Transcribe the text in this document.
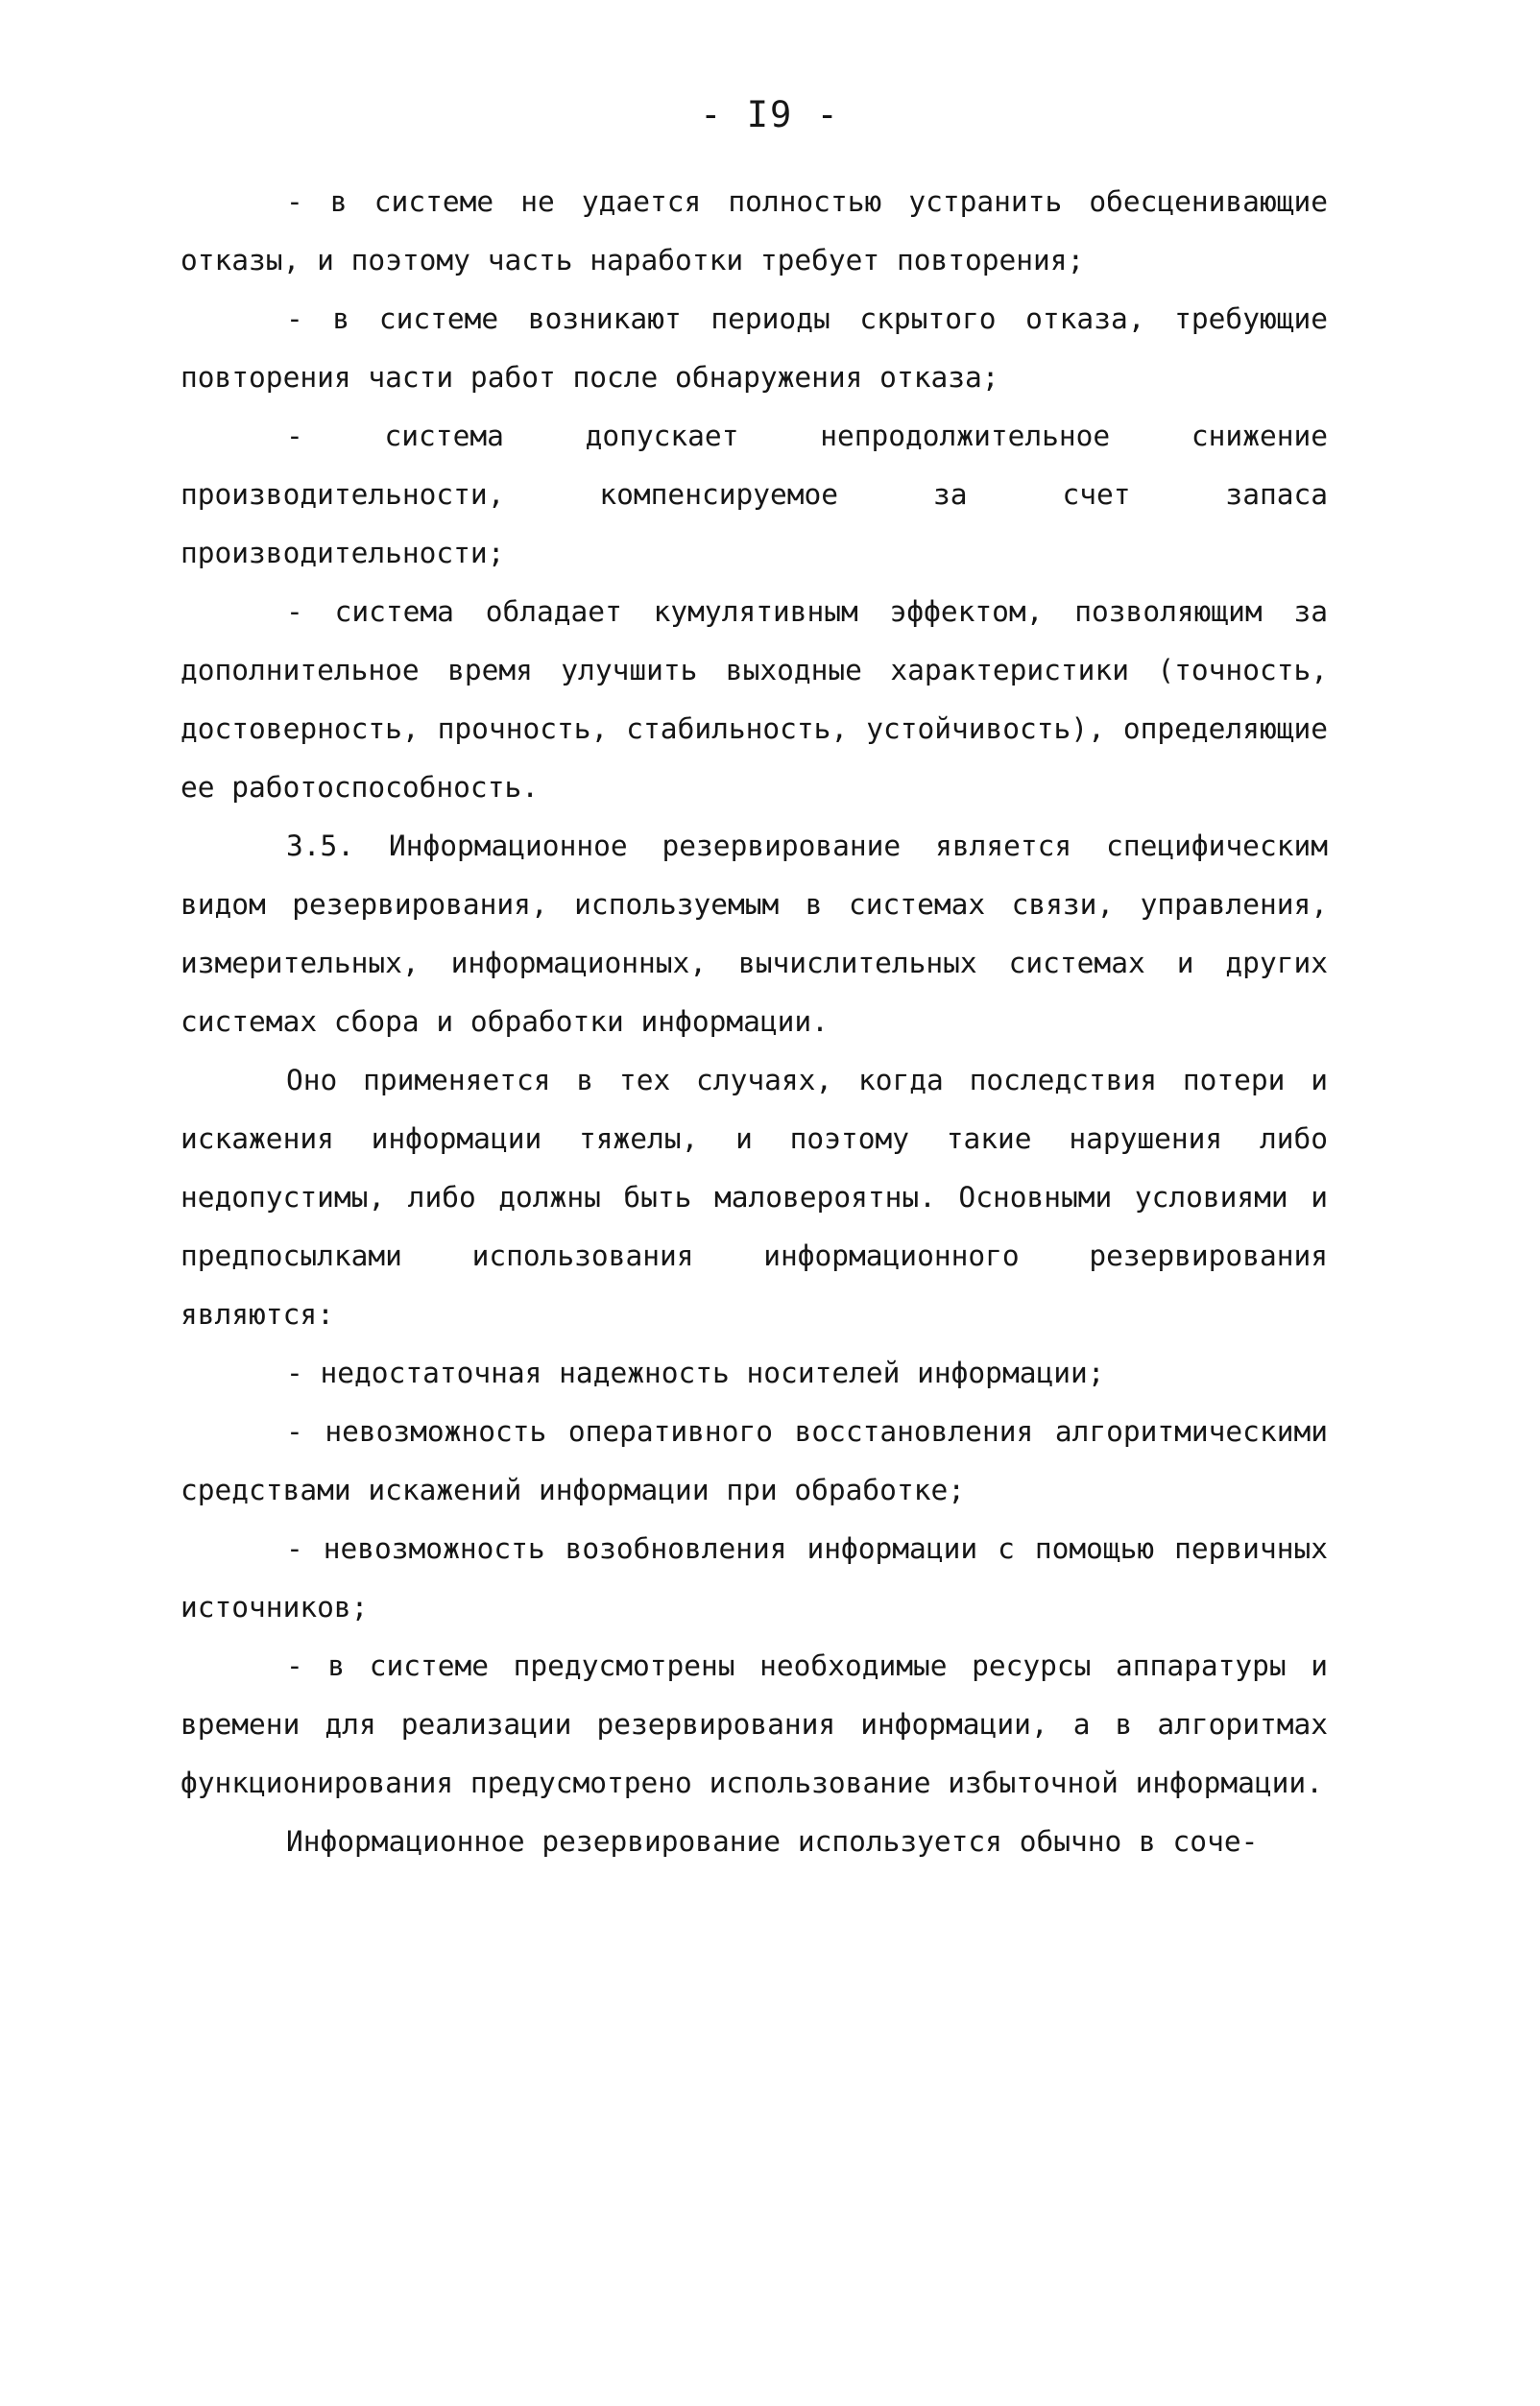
- I9 -

- в системе не удается полностью устранить обесценивающие отказы, и поэтому часть наработки требует повторения;

- в системе возникают периоды скрытого отказа, требующие повторения части работ после обнаружения отказа;

- система допускает непродолжительное снижение производительности, компенсируемое за счет запаса производительности;

- система обладает кумулятивным эффектом, позволяющим за дополнительное время улучшить выходные характеристики (точность, достоверность, прочность, стабильность, устойчивость), определяющие ее работоспособность.

3.5. Информационное резервирование является специфическим видом резервирования, используемым в системах связи, управления, измерительных, информационных, вычислительных системах и других системах сбора и обработки информации.

Оно применяется в тех случаях, когда последствия потери и искажения информации тяжелы, и поэтому такие нарушения либо недопустимы, либо должны быть маловероятны. Основными условиями и предпосылками использования информационного резервирования являются:

- недостаточная надежность носителей информации;

- невозможность оперативного восстановления алгоритмическими средствами искажений информации при обработке;

- невозможность возобновления информации с помощью первичных источников;

- в системе предусмотрены необходимые ресурсы аппаратуры и времени для реализации резервирования информации, а в алгоритмах функционирования предусмотрено использование избыточной информации.

Информационное резервирование используется обычно в соче-
